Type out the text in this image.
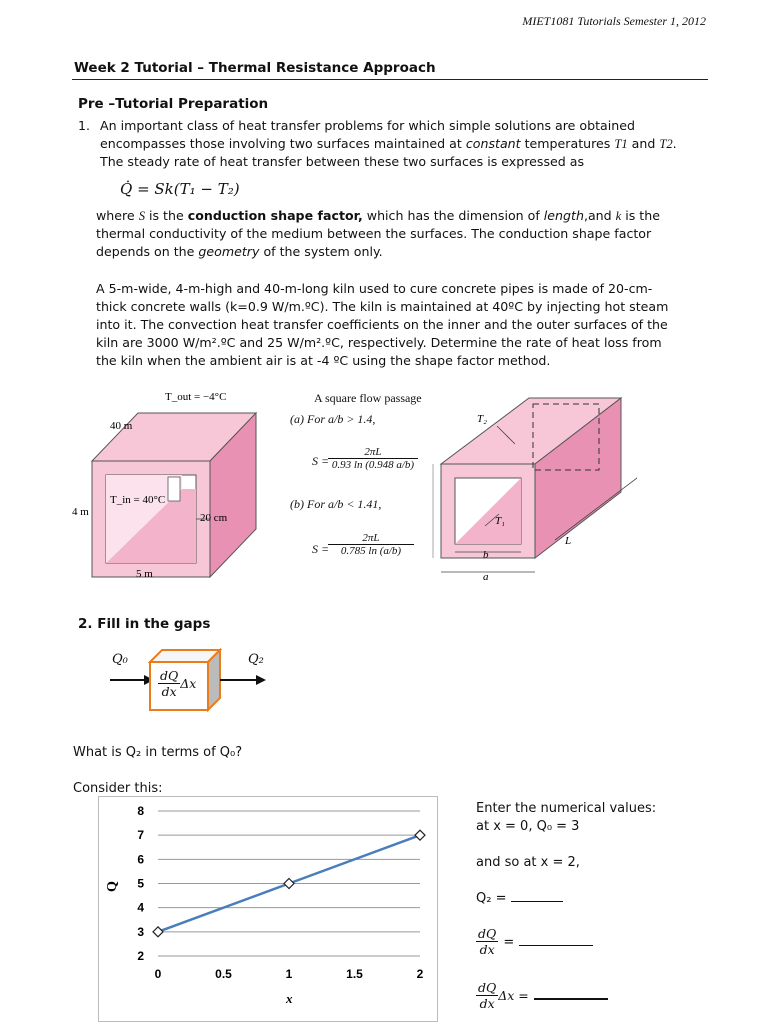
MIET1081 Tutorials Semester 1, 2012
Week 2 Tutorial – Thermal Resistance Approach
Pre –Tutorial Preparation
1. An important class of heat transfer problems for which simple solutions are obtained
encompasses those involving two surfaces maintained at constant temperatures T1 and T2.
The steady rate of heat transfer between these two surfaces is expressed as
Q̇ = Sk(T₁ − T₂)
where S is the conduction shape factor, which has the dimension of length,and k is the
thermal conductivity of the medium between the surfaces. The conduction shape factor
depends on the geometry of the system only.
A 5-m-wide, 4-m-high and 40-m-long kiln used to cure concrete pipes is made of 20-cm-
thick concrete walls (k=0.9 W/m.ºC). The kiln is maintained at 40ºC by injecting hot steam
into it. The convection heat transfer coefficients on the inner and the outer surfaces of the
kiln are 3000 W/m².ºC and 25 W/m².ºC, respectively. Determine the rate of heat loss from
the kiln when the ambient air is at -4 ºC using the shape factor method.
T_out = −4°C
40 m
T_in = 40°C
20 cm
4 m
5 m
A square flow passage
(a) For a/b > 1.4,
S =
$\frac{2\pi L}{0.93 \ln (0.948 a/b)}$
(b) For a/b < 1.41,
S =
$\frac{2\pi L}{0.785 \ln (a/b)}$
T₂
T₁
b
a
L
2. Fill in the gaps
Q₀	Q₂
$\frac{dQ}{dx}$ Δx
What is Q₂ in terms of Q₀?
Consider this:
2
3
4
5
6
7
8
0	0.5	1	1.5	2
Q
x
Enter the numerical values:
at x = 0, Q₀ = 3
and so at x = 2,
Q₂ =
$\frac{dQ}{dx}$ =
$\frac{dQ}{dx}$ Δx =
